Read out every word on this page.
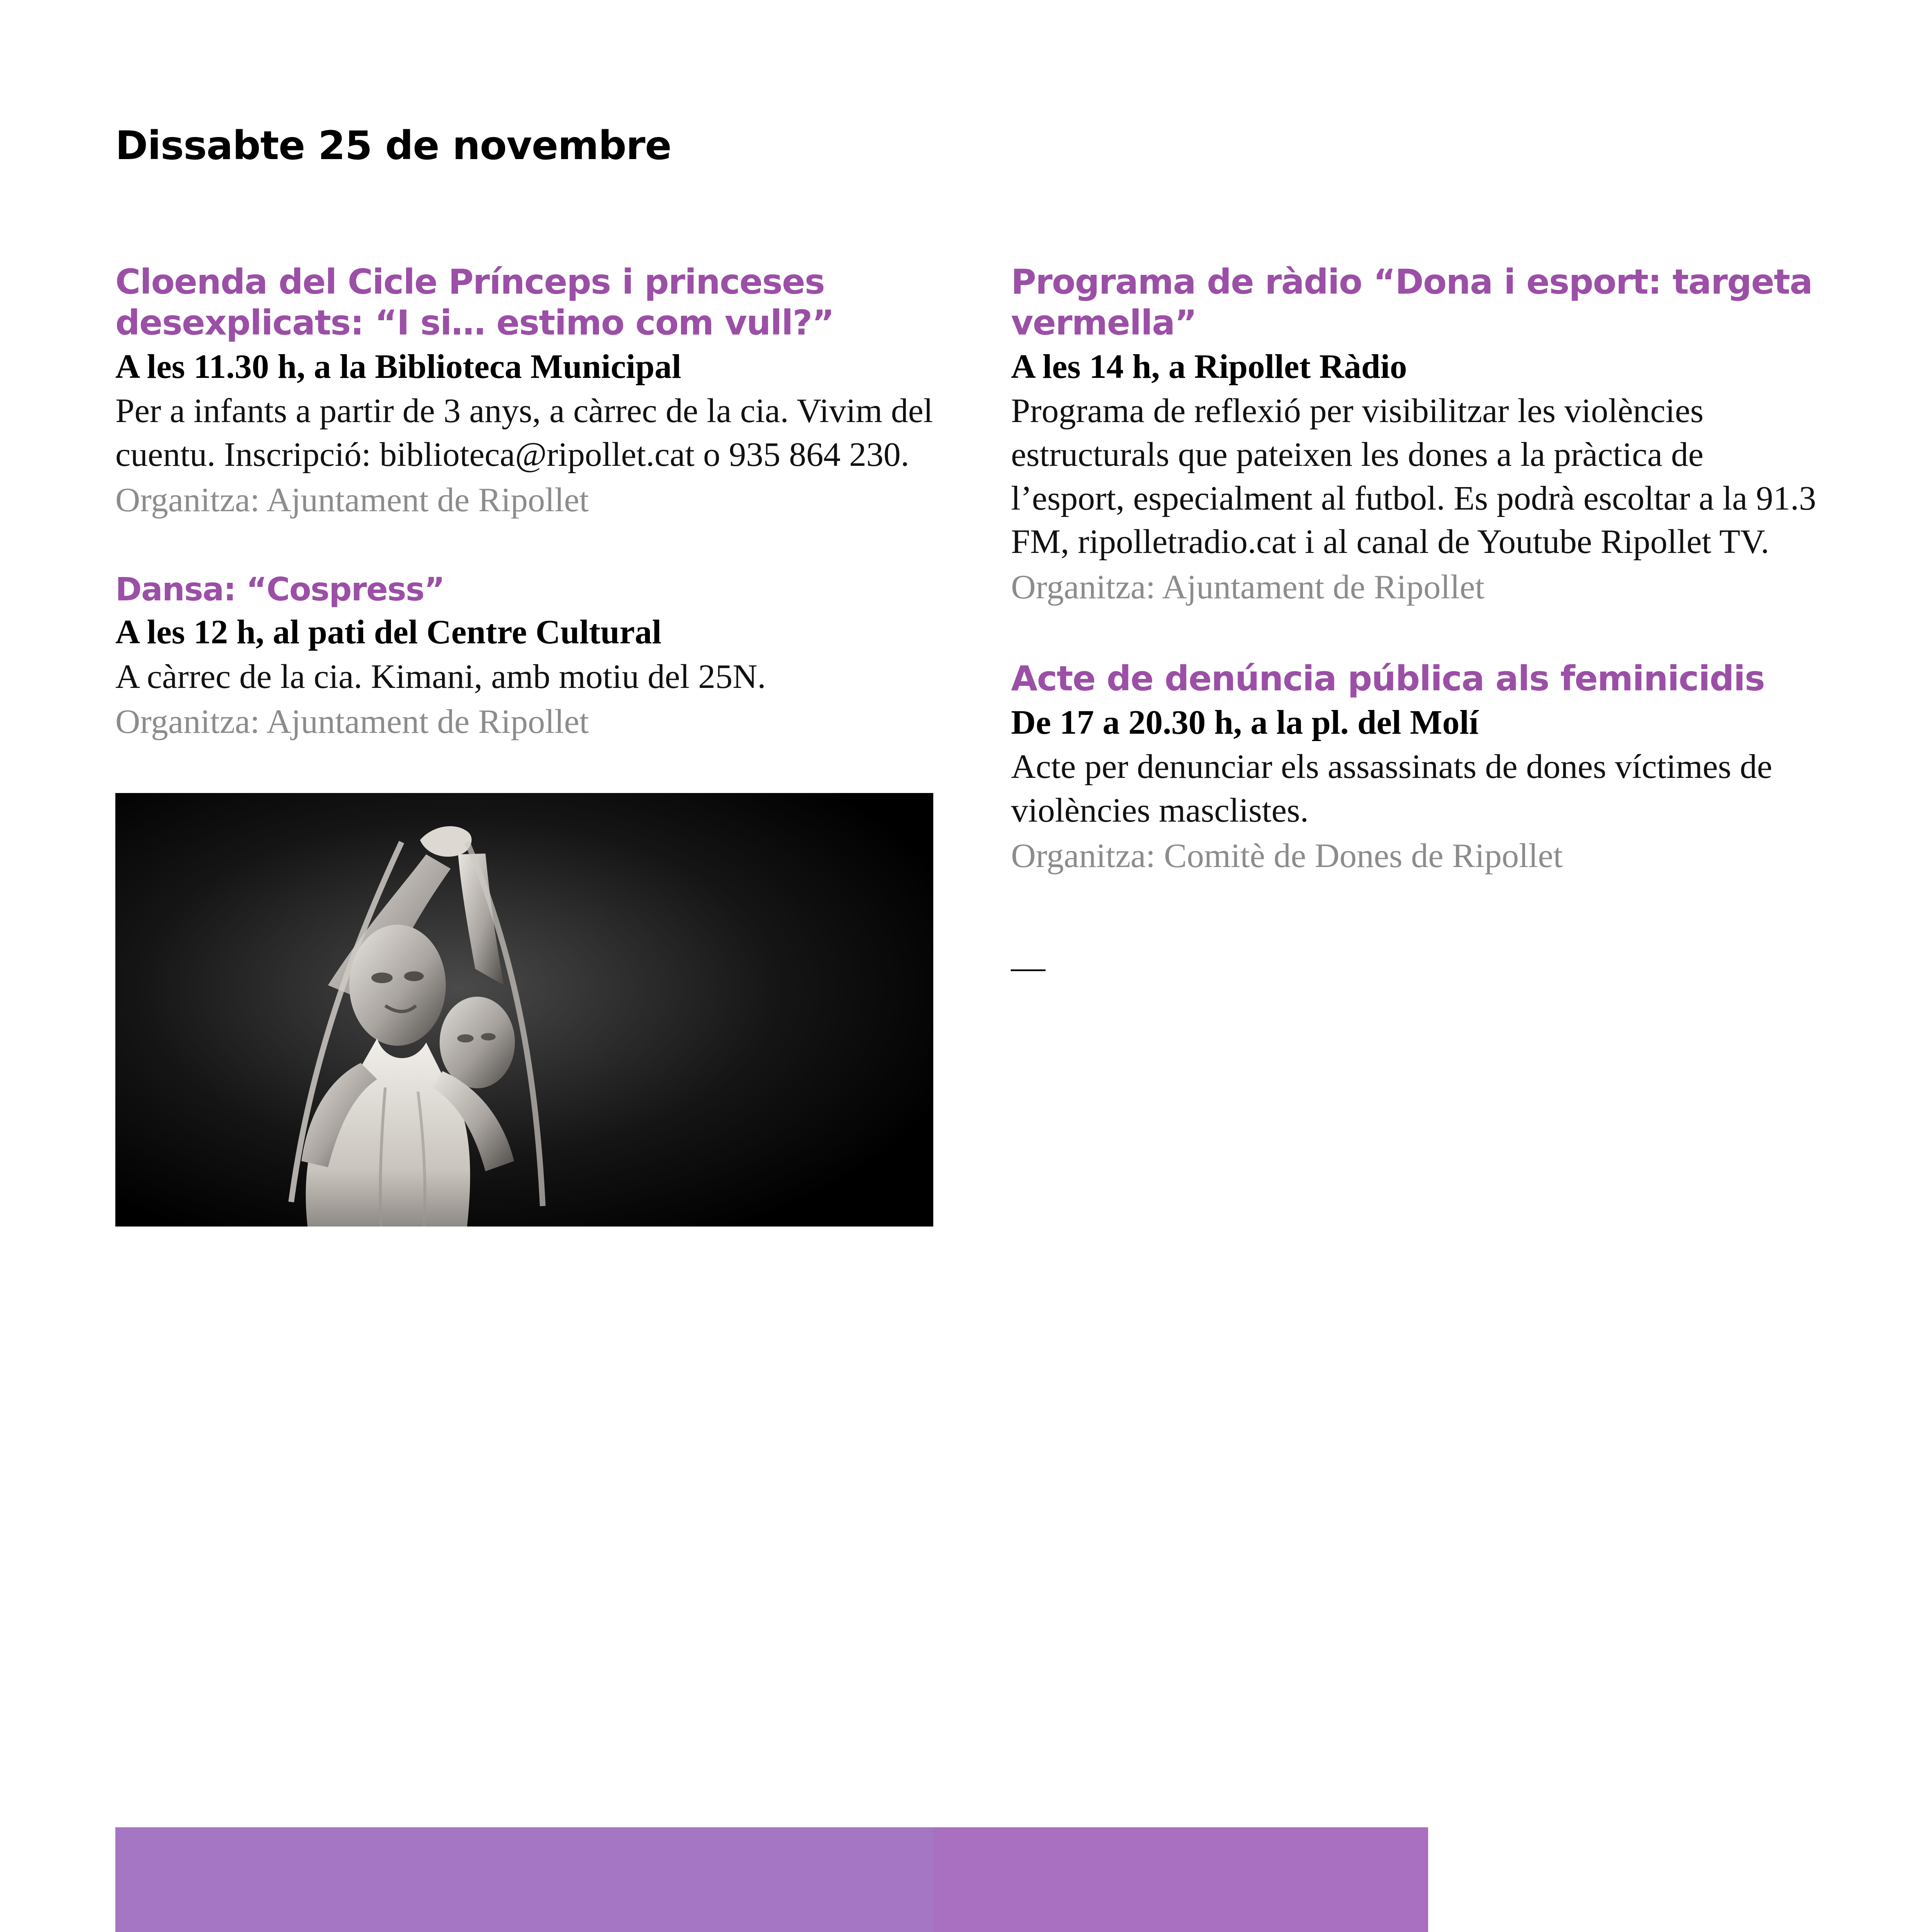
Dissabte 25 de novembre
Cloenda del Cicle Prínceps i princeses desexplicats: “I si… estimo com vull?”
A les 11.30 h, a la Biblioteca Municipal
Per a infants a partir de 3 anys, a càrrec de la cia. Vivim del cuentu. Inscripció: biblioteca@ripollet.cat o 935 864 230.
Organitza: Ajuntament de Ripollet
Dansa: “Cospress”
A les 12 h, al pati del Centre Cultural
A càrrec de la cia. Kimani, amb motiu del 25N.
Organitza: Ajuntament de Ripollet
Programa de ràdio “Dona i esport: targeta vermella”
A les 14 h, a Ripollet Ràdio
Programa de reflexió per visibilitzar les violències estructurals que pateixen les dones a la pràctica de l’esport, especialment al futbol. Es podrà escoltar a la 91.3 FM, ripolletradio.cat i al canal de Youtube Ripollet TV.
Organitza: Ajuntament de Ripollet
Acte de denúncia pública als feminicidis
De 17 a 20.30 h, a la pl. del Molí
Acte per denunciar els assassinats de dones víctimes de violències masclistes.
Organitza: Comitè de Dones de Ripollet
—
